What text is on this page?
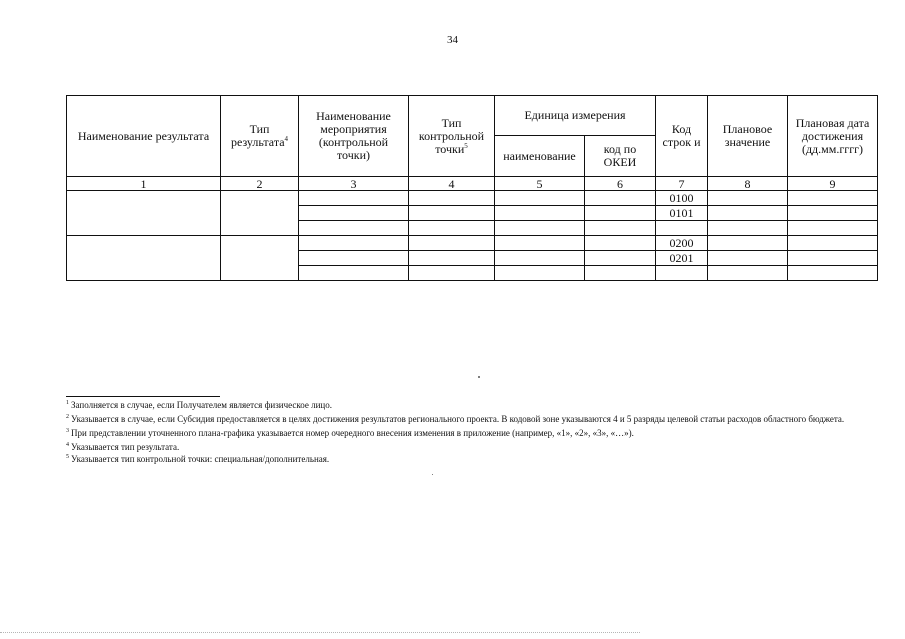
34
Наименование результата	Тип результата$^4$	Наименование мероприятия (контрольной точки)	Тип контрольной точки$^5$	Единица измерения		Код строк и	Плановое значение	Плановая дата достижения (дд.мм.гггг)
				наименование	код по ОКЕИ			
1	2	3	4	5	6	7	8	9
						0100		
						0101		

						0200		
						0201		

$^1$ Заполняется в случае, если Получателем является физическое лицо.
$^2$ Указывается в случае, если Субсидия предоставляется в целях достижения результатов регионального проекта. В кодовой зоне указываются 4 и 5 разряды целевой статьи расходов областного бюджета.
$^3$ При представлении уточненного плана-графика указывается номер очередного внесения изменения в приложение (например, «1», «2», «3», «…»).
$^4$ Указывается тип результата.
$^5$ Указывается тип контрольной точки: специальная/дополнительная.
